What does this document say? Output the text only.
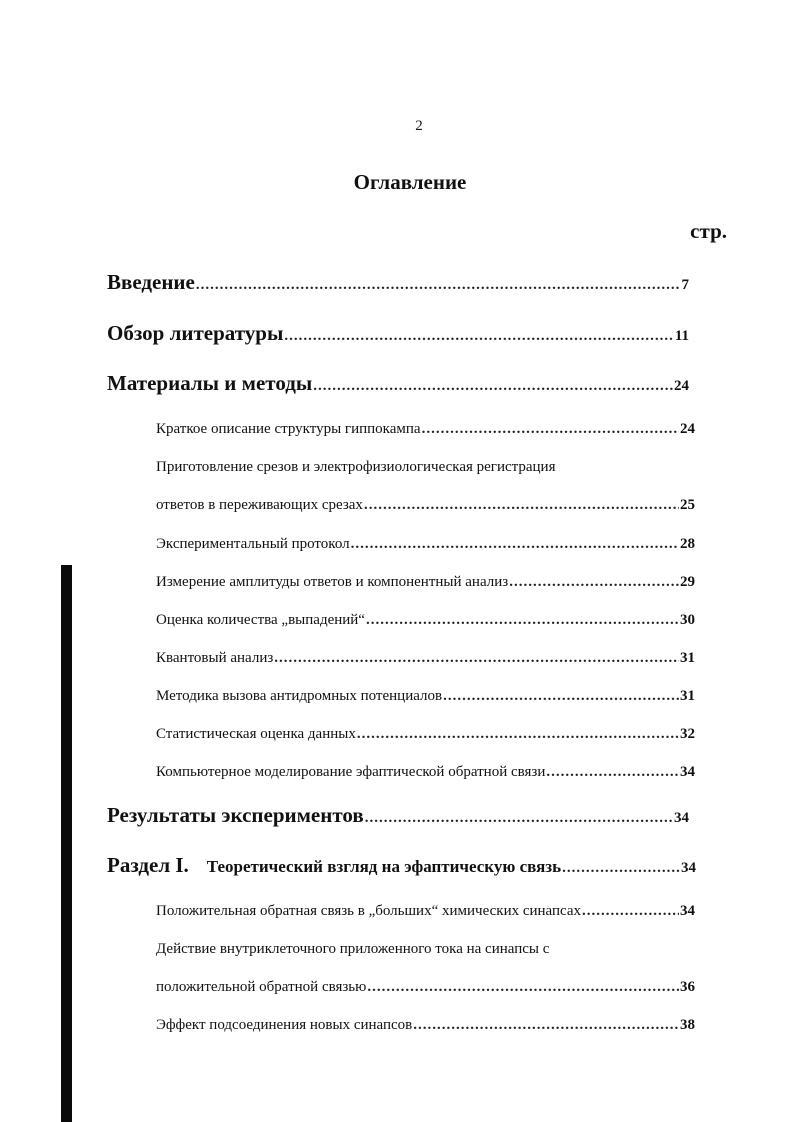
2
Оглавление
стр.
Введение .....	7
Обзор литературы .....	11
Материалы и методы .....	24
Краткое описание структуры гиппокампа .....	24
Приготовление срезов и электрофизиологическая регистрация
ответов в переживающих срезах .....	25
Экспериментальный протокол .....	28
Измерение амплитуды ответов и компонентный анализ .....	29
Оценка количества „выпадений“ .....	30
Квантовый анализ .....	31
Методика вызова антидромных потенциалов .....	31
Статистическая оценка данных .....	32
Компьютерное моделирование эфаптической обратной связи .....	34
Результаты экспериментов .....	34
Раздел I. Теоретический взгляд на эфаптическую связь .....	34
Положительная обратная связь в „больших“ химических синапсах .....	34
Действие внутриклеточного приложенного тока на синапсы с
положительной обратной связью .....	36
Эффект подсоединения новых синапсов .....	38
